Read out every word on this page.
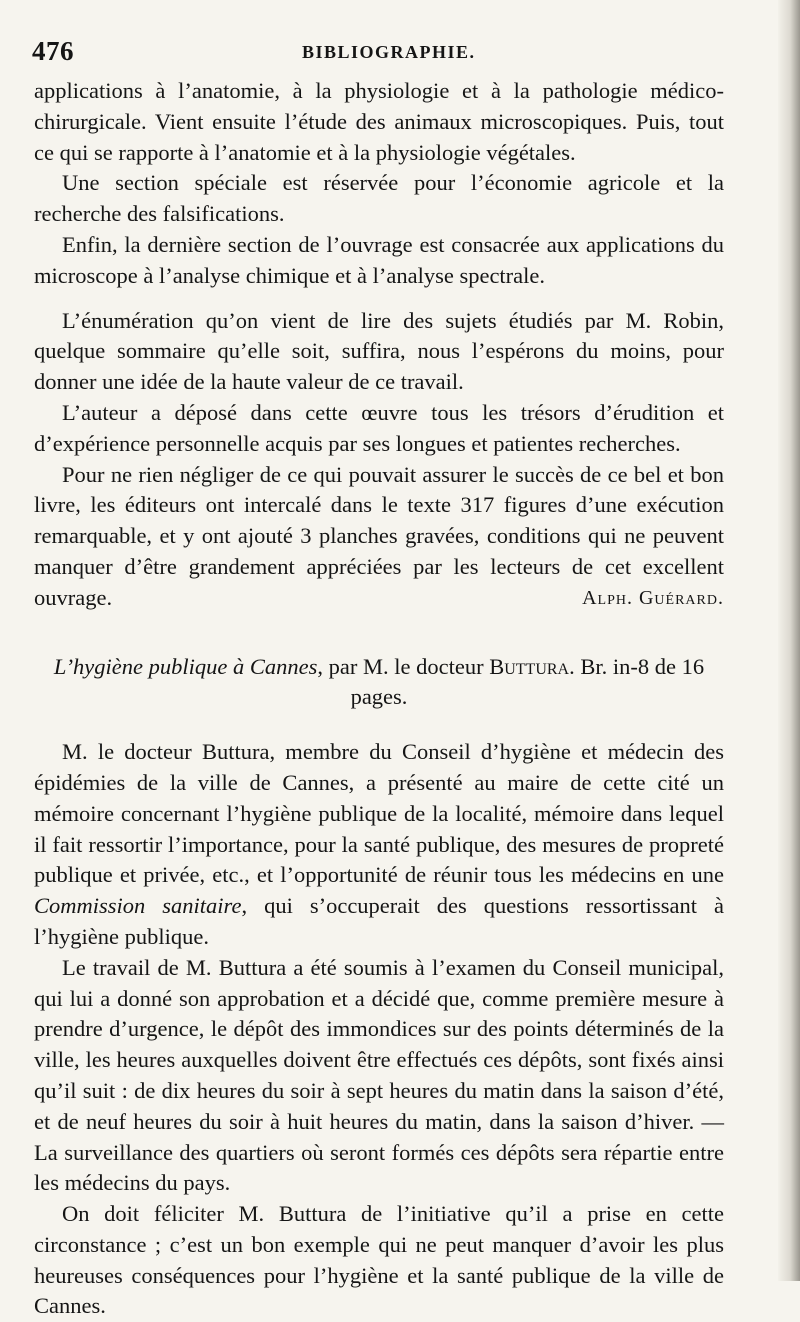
476	BIBLIOGRAPHIE.

applications à l’anatomie, à la physiologie et à la pathologie médico-chirurgicale. Vient ensuite l’étude des animaux microscopiques. Puis, tout ce qui se rapporte à l’anatomie et à la physiologie végétales.

Une section spéciale est réservée pour l’économie agricole et la recherche des falsifications.

Enfin, la dernière section de l’ouvrage est consacrée aux applications du microscope à l’analyse chimique et à l’analyse spectrale.

L’énumération qu’on vient de lire des sujets étudiés par M. Robin, quelque sommaire qu’elle soit, suffira, nous l’espérons du moins, pour donner une idée de la haute valeur de ce travail.

L’auteur a déposé dans cette œuvre tous les trésors d’érudition et d’expérience personnelle acquis par ses longues et patientes recherches.

Pour ne rien négliger de ce qui pouvait assurer le succès de ce bel et bon livre, les éditeurs ont intercalé dans le texte 317 figures d’une exécution remarquable, et y ont ajouté 3 planches gravées, conditions qui ne peuvent manquer d’être grandement appréciées par les lecteurs de cet excellent ouvrage.	Alph. Guérard.

L’hygiène publique à Cannes, par M. le docteur Buttura. Br. in-8 de 16 pages.

M. le docteur Buttura, membre du Conseil d’hygiène et médecin des épidémies de la ville de Cannes, a présenté au maire de cette cité un mémoire concernant l’hygiène publique de la localité, mémoire dans lequel il fait ressortir l’importance, pour la santé publique, des mesures de propreté publique et privée, etc., et l’opportunité de réunir tous les médecins en une Commission sanitaire, qui s’occuperait des questions ressortissant à l’hygiène publique.

Le travail de M. Buttura a été soumis à l’examen du Conseil municipal, qui lui a donné son approbation et a décidé que, comme première mesure à prendre d’urgence, le dépôt des immondices sur des points déterminés de la ville, les heures auxquelles doivent être effectués ces dépôts, sont fixés ainsi qu’il suit : de dix heures du soir à sept heures du matin dans la saison d’été, et de neuf heures du soir à huit heures du matin, dans la saison d’hiver. — La surveillance des quartiers où seront formés ces dépôts sera répartie entre les médecins du pays.

On doit féliciter M. Buttura de l’initiative qu’il a prise en cette circonstance ; c’est un bon exemple qui ne peut manquer d’avoir les plus heureuses conséquences pour l’hygiène et la santé publique de la ville de Cannes.
